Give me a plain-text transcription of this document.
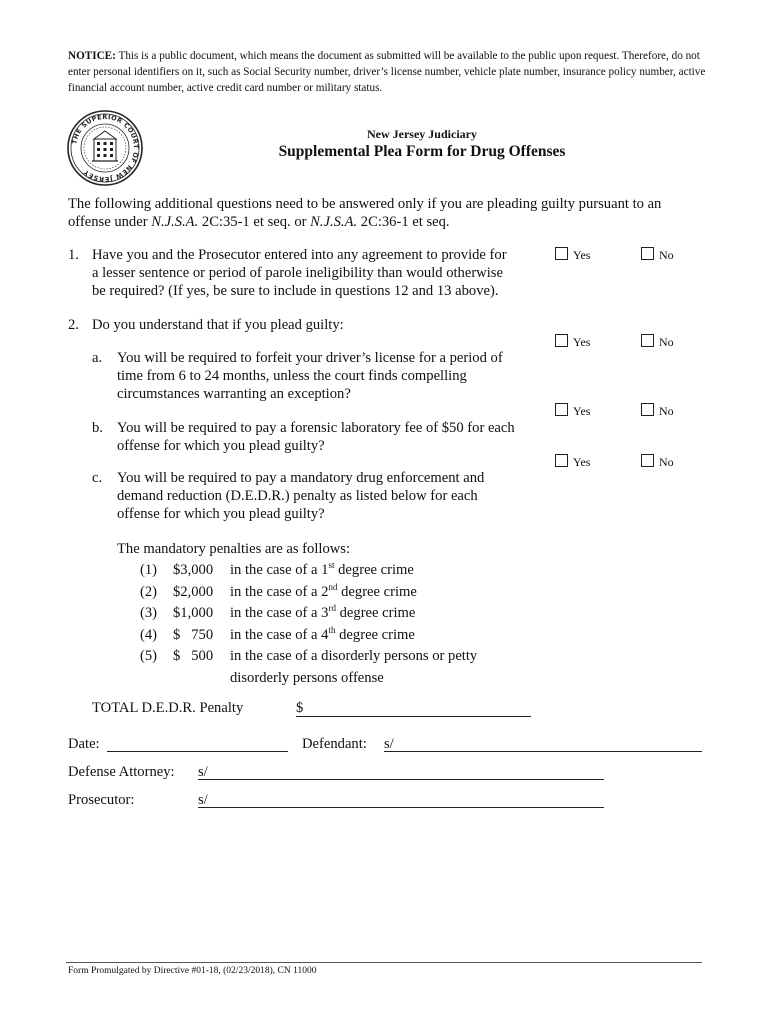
NOTICE: This is a public document, which means the document as submitted will be available to the public upon request. Therefore, do not enter personal identifiers on it, such as Social Security number, driver’s license number, vehicle plate number, insurance policy number, active financial account number, active credit card number or military status.
THE SUPERIOR COURT OF NEW JERSEY
New Jersey Judiciary
Supplemental Plea Form for Drug Offenses
The following additional questions need to be answered only if you are pleading guilty pursuant to an
offense under N.J.S.A. 2C:35-1 et seq. or N.J.S.A. 2C:36-1 et seq.
1. Have you and the Prosecutor entered into any agreement to provide for
a lesser sentence or period of parole ineligibility than would otherwise
be required? (If yes, be sure to include in questions 12 and 13 above).
2. Do you understand that if you plead guilty:
a. You will be required to forfeit your driver’s license for a period of
time from 6 to 24 months, unless the court finds compelling
circumstances warranting an exception?
b. You will be required to pay a forensic laboratory fee of $50 for each
offense for which you plead guilty?
c. You will be required to pay a mandatory drug enforcement and
demand reduction (D.E.D.R.) penalty as listed below for each
offense for which you plead guilty?
Yes	No
Yes	No
Yes	No
Yes	No
The mandatory penalties are as follows:
(1) $3,000 in the case of a 1st degree crime
(2) $2,000 in the case of a 2nd degree crime
(3) $1,000 in the case of a 3rd degree crime
(4) $   750 in the case of a 4th degree crime
(5) $   500 in the case of a disorderly persons or petty
disorderly persons offense
TOTAL D.E.D.R. Penalty	$
Date:	Defendant: s/
Defense Attorney: s/
Prosecutor:	s/
Form Promulgated by Directive #01-18, (02/23/2018), CN 11000
